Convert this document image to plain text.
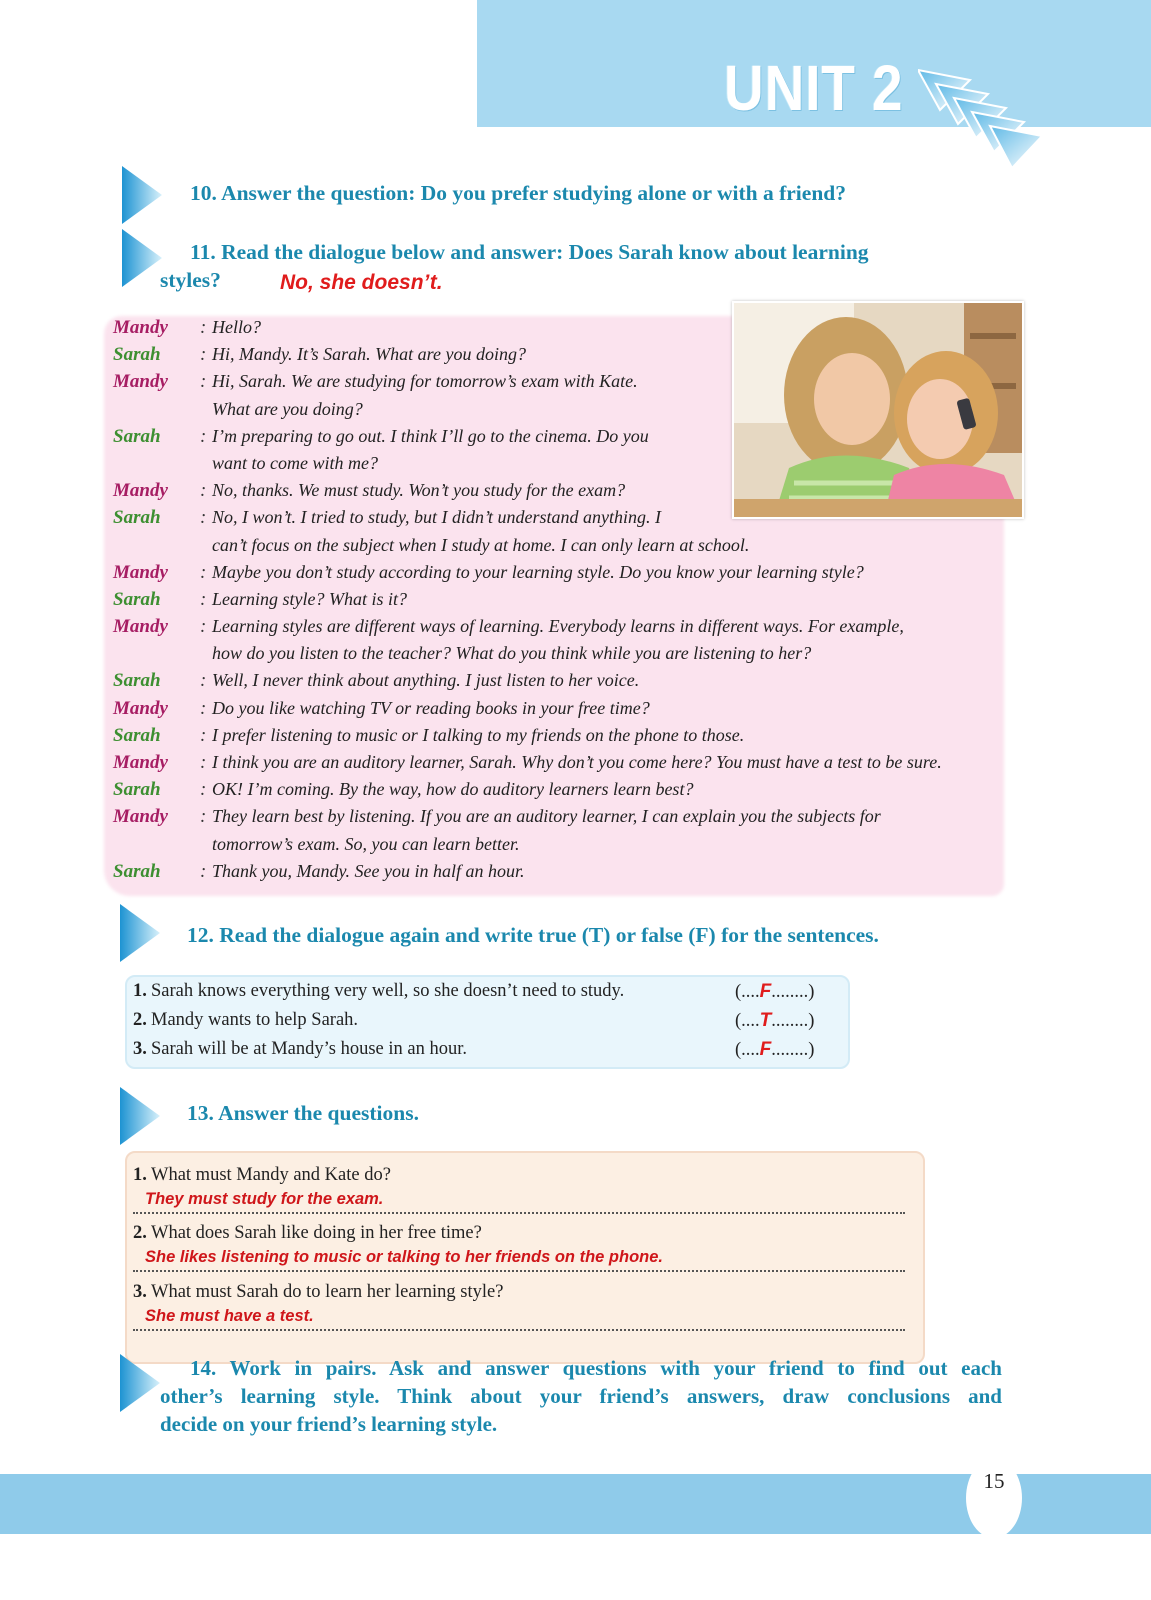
UNIT 2
10. Answer the question: Do you prefer studying alone or with a friend?
11. Read the dialogue below and answer: Does Sarah know about learning
styles?	No, she doesn’t.
Mandy : Hello?
Sarah : Hi, Mandy. It’s Sarah. What are you doing?
Mandy : Hi, Sarah. We are studying for tomorrow’s exam with Kate.
What are you doing?
Sarah : I’m preparing to go out. I think I’ll go to the cinema. Do you
want to come with me?
Mandy : No, thanks. We must study. Won’t you study for the exam?
Sarah : No, I won’t. I tried to study, but I didn’t understand anything. I
can’t focus on the subject when I study at home. I can only learn at school.
Mandy : Maybe you don’t study according to your learning style. Do you know your learning style?
Sarah : Learning style? What is it?
Mandy : Learning styles are different ways of learning. Everybody learns in different ways. For example,
how do you listen to the teacher? What do you think while you are listening to her?
Sarah : Well, I never think about anything. I just listen to her voice.
Mandy : Do you like watching TV or reading books in your free time?
Sarah : I prefer listening to music or I talking to my friends on the phone to those.
Mandy : I think you are an auditory learner, Sarah. Why don’t you come here? You must have a test to be sure.
Sarah : OK! I’m coming. By the way, how do auditory learners learn best?
Mandy : They learn best by listening. If you are an auditory learner, I can explain you the subjects for
tomorrow’s exam. So, you can learn better.
Sarah : Thank you, Mandy. See you in half an hour.
12. Read the dialogue again and write true (T) or false (F) for the sentences.
1. Sarah knows everything very well, so she doesn’t need to study.	(....F........)
2. Mandy wants to help Sarah.	(....T........)
3. Sarah will be at Mandy’s house in an hour.	(....F........)
13. Answer the questions.
1. What must Mandy and Kate do?
They must study for the exam.
2. What does Sarah like doing in her free time?
She likes listening to music or talking to her friends on the phone.
3. What must Sarah do to learn her learning style?
She must have a test.
14. Work in pairs. Ask and answer questions with your friend to find out each
other’s learning style. Think about your friend’s answers, draw conclusions and
decide on your friend’s learning style.
15
